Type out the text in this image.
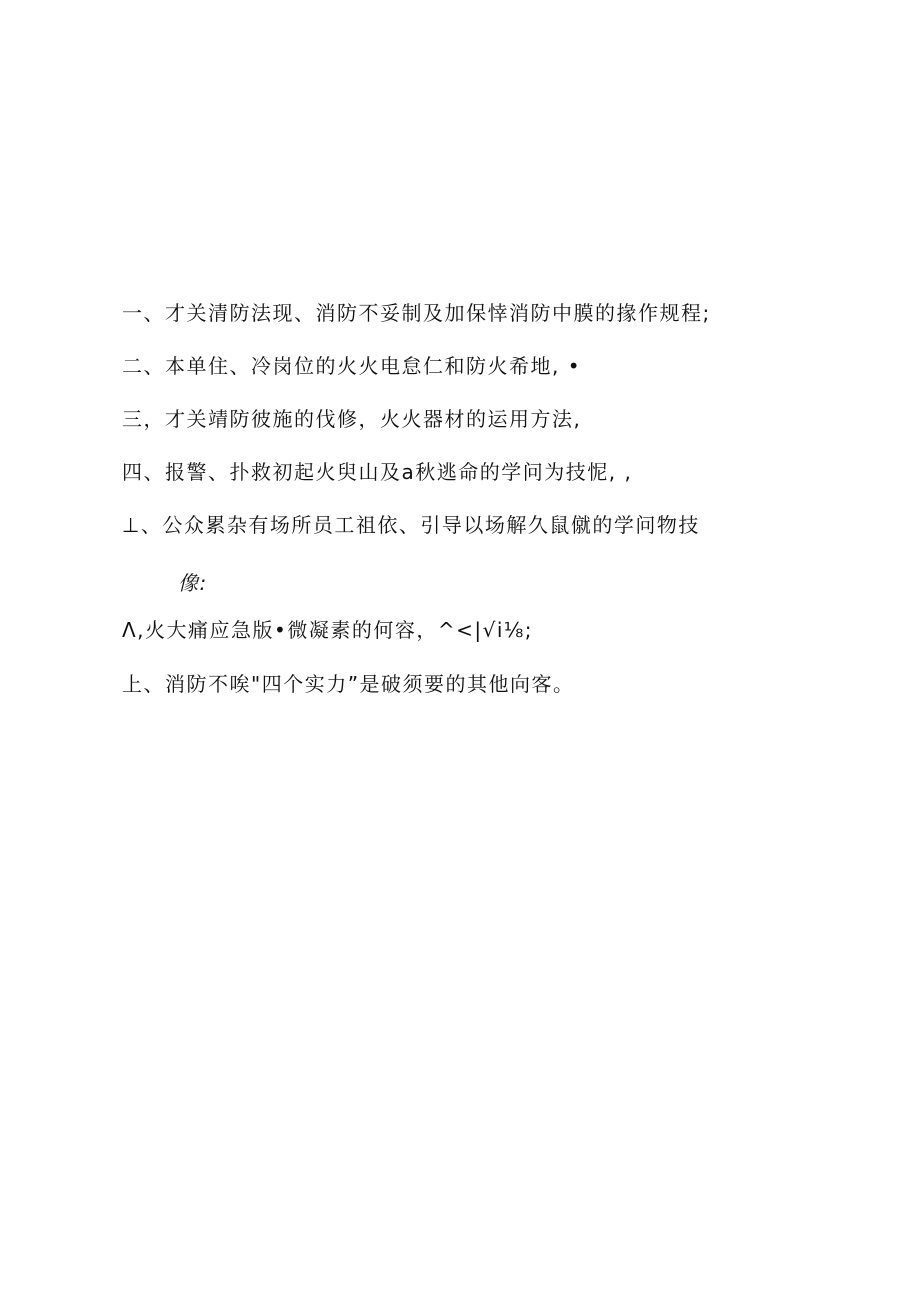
一、才关清防法现、消防不妥制及加保悻消防中膜的掾作规程;
二、本单住、冷岗位的火火电怠仁和防火希地, •
三，才关靖防彼施的伐修，火火器材的运用方法,
四、报警、扑救初起火臾山及a秋逃命的学问为技怩, ,
⊥、公众累杂有场所员工祖依、引导以场解久鼠僦的学问物技
像:
Λ,火大痛应急版•微凝素的何容，^<|√i⅛;
上、消防不唉"四个实力”是破须要的其他向客。
